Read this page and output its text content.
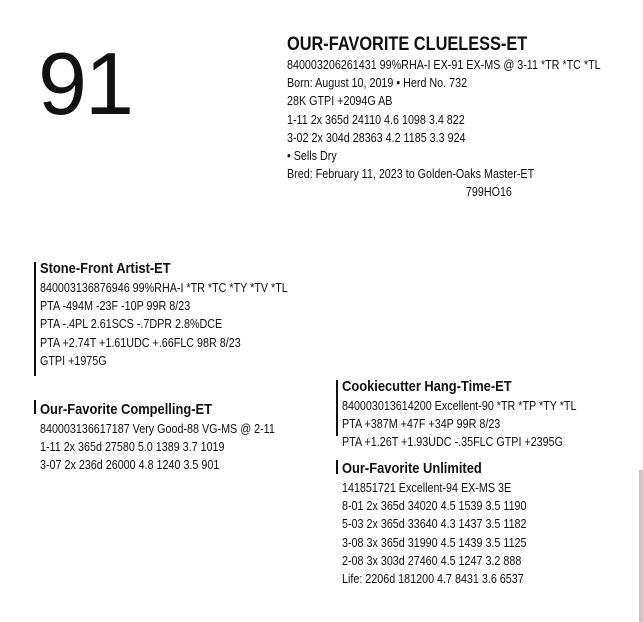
91	OUR-FAVORITE CLUELESS-ET
840003206261431 99%RHA-I EX-91 EX-MS @ 3-11 *TR *TC *TL
Born: August 10, 2019 • Herd No. 732
28K GTPI +2094G AB
1-11 2x 365d 24110 4.6 1098 3.4 822
3-02 2x 304d 28363 4.2 1185 3.3 924
• Sells Dry
Bred: February 11, 2023 to Golden-Oaks Master-ET
799HO16
Stone-Front Artist-ET
840003136876946 99%RHA-I *TR *TC *TY *TV *TL
PTA -494M -23F -10P 99R 8/23
PTA -.4PL 2.61SCS -.7DPR 2.8%DCE
PTA +2.74T +1.61UDC +.66FLC 98R 8/23
GTPI +1975G
Our-Favorite Compelling-ET
840003136617187 Very Good-88 VG-MS @ 2-11
1-11 2x 365d 27580 5.0 1389 3.7 1019
3-07 2x 236d 26000 4.8 1240 3.5 901
Cookiecutter Hang-Time-ET
840003013614200 Excellent-90 *TR *TP *TY *TL
PTA +387M +47F +34P 99R 8/23
PTA +1.26T +1.93UDC -.35FLC GTPI +2395G
Our-Favorite Unlimited
141851721 Excellent-94 EX-MS 3E
8-01 2x 365d 34020 4.5 1539 3.5 1190
5-03 2x 365d 33640 4.3 1437 3.5 1182
3-08 3x 365d 31990 4.5 1439 3.5 1125
2-08 3x 303d 27460 4.5 1247 3.2 888
Life: 2206d 181200 4.7 8431 3.6 6537
